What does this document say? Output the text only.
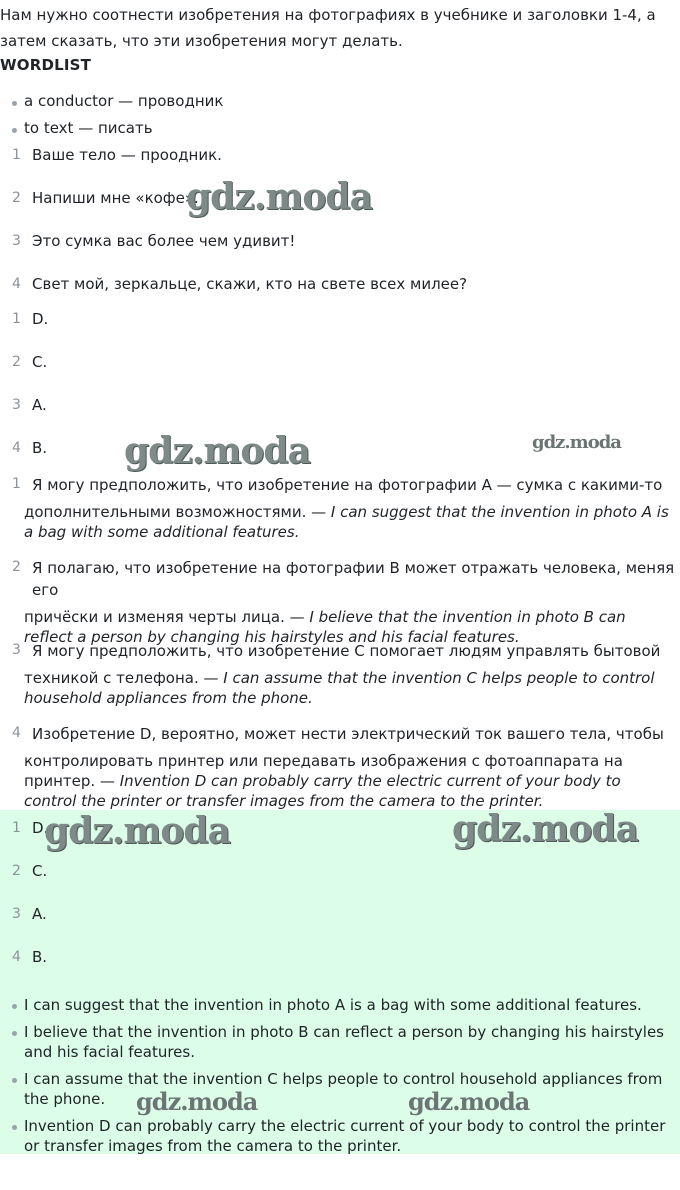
Нам нужно соотнести изобретения на фотографиях в учебнике и заголовки 1-4, а затем сказать, что эти изобретения могут делать.
WORDLIST
a conductor — проводник
to text — писать
1 Ваше тело — проодник.
2 Напиши мне «кофе».
3 Это сумка вас более чем удивит!
4 Свет мой, зеркальце, скажи, кто на свете всех милее?
1 D.
2 C.
3 A.
4 B.
1 Я могу предположить, что изобретение на фотографии A — сумка с какими-то
дополнительными возможностями. — I can suggest that the invention in photo A is a bag with some additional features.
2 Я полагаю, что изобретение на фотографии B может отражать человека, меняя его
причёски и изменяя черты лица. — I believe that the invention in photo B can reflect a person by changing his hairstyles and his facial features.
3 Я могу предположить, что изобретение C помогает людям управлять бытовой
техникой с телефона. — I can assume that the invention C helps people to control household appliances from the phone.
4 Изобретение D, вероятно, может нести электрический ток вашего тела, чтобы
контролировать принтер или передавать изображения с фотоаппарата на принтер. — Invention D can probably carry the electric current of your body to control the printer or transfer images from the camera to the printer.
1 D.
2 C.
3 A.
4 B.
I can suggest that the invention in photo A is a bag with some additional features.
I believe that the invention in photo B can reflect a person by changing his hairstyles and his facial features.
I can assume that the invention C helps people to control household appliances from the phone.
Invention D can probably carry the electric current of your body to control the printer or transfer images from the camera to the printer.
gdz.moda
gdz.moda	gdz.moda
gdz.moda	gdz.moda
gdz.moda	gdz.moda
